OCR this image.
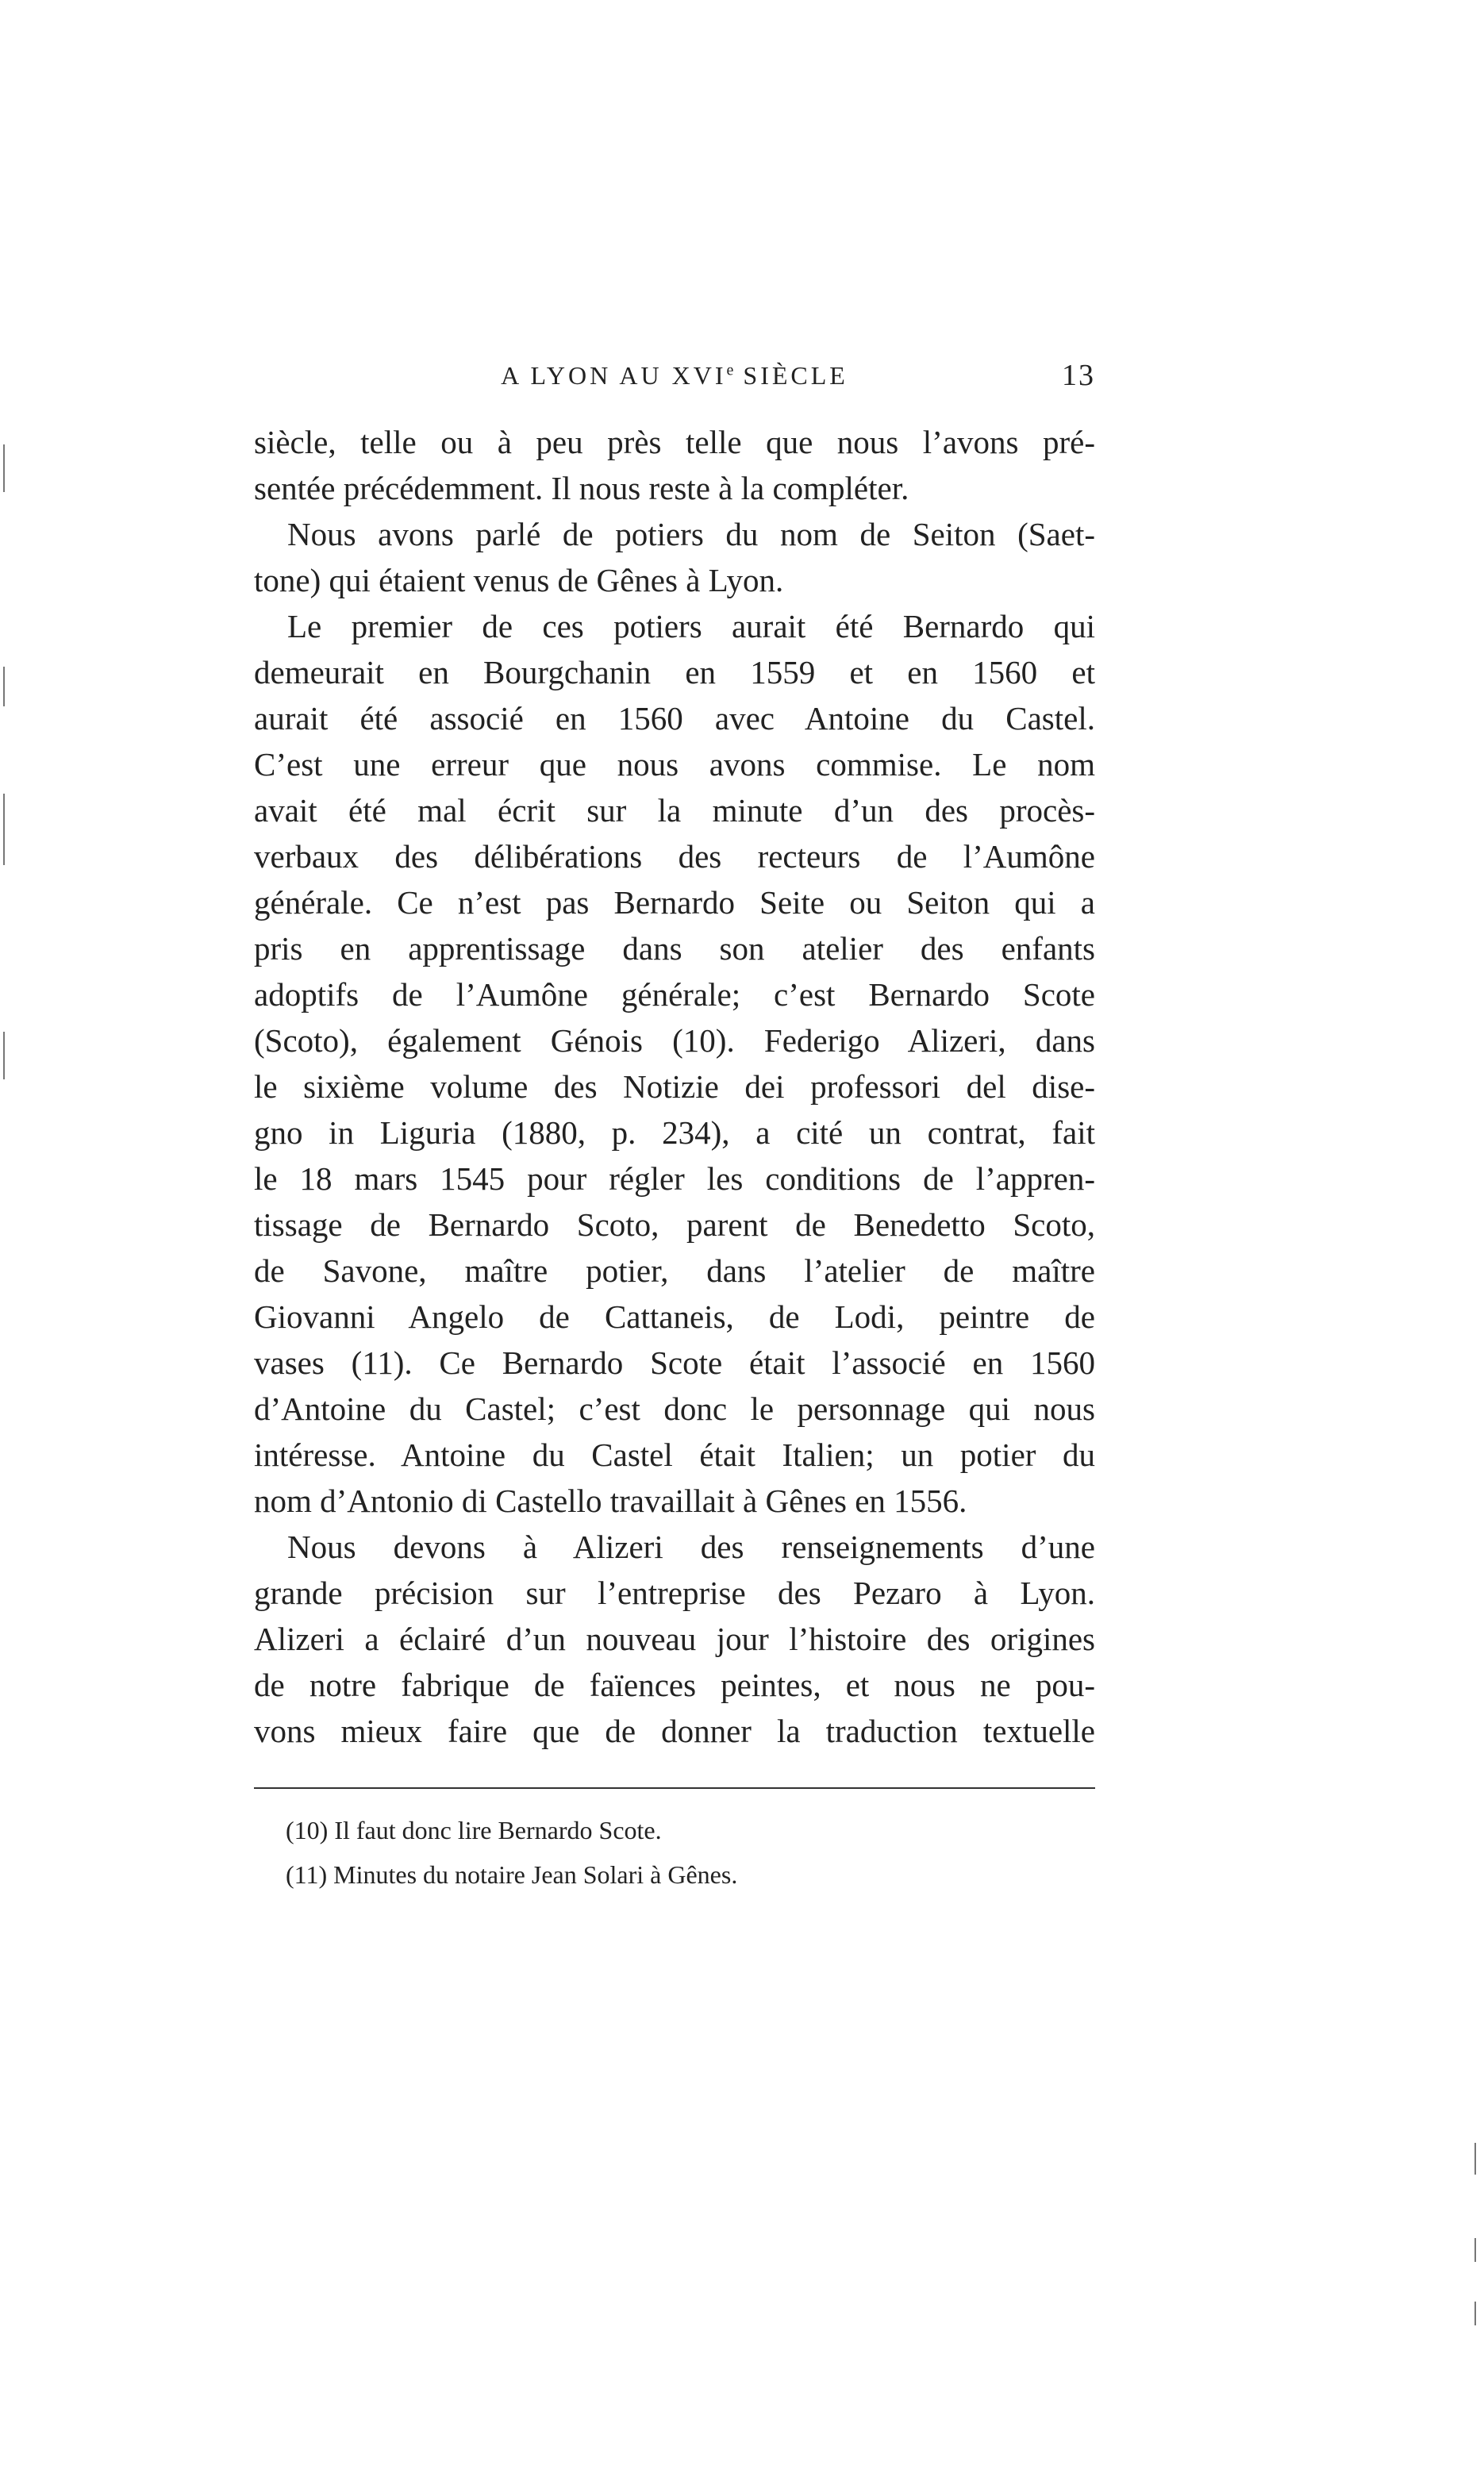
A LYON AU XVIe SIÈCLE	13
siècle, telle ou à peu près telle que nous l’avons pré-
sentée précédemment. Il nous reste à la compléter.
Nous avons parlé de potiers du nom de Seiton (Saet-
tone) qui étaient venus de Gênes à Lyon.
Le premier de ces potiers aurait été Bernardo qui
demeurait en Bourgchanin en 1559 et en 1560 et
aurait été associé en 1560 avec Antoine du Castel.
C’est une erreur que nous avons commise. Le nom
avait été mal écrit sur la minute d’un des procès-
verbaux des délibérations des recteurs de l’Aumône
générale. Ce n’est pas Bernardo Seite ou Seiton qui a
pris en apprentissage dans son atelier des enfants
adoptifs de l’Aumône générale; c’est Bernardo Scote
(Scoto), également Génois (10). Federigo Alizeri, dans
le sixième volume des Notizie dei professori del dise-
gno in Liguria (1880, p. 234), a cité un contrat, fait
le 18 mars 1545 pour régler les conditions de l’appren-
tissage de Bernardo Scoto, parent de Benedetto Scoto,
de Savone, maître potier, dans l’atelier de maître
Giovanni Angelo de Cattaneis, de Lodi, peintre de
vases (11). Ce Bernardo Scote était l’associé en 1560
d’Antoine du Castel; c’est donc le personnage qui nous
intéresse. Antoine du Castel était Italien; un potier du
nom d’Antonio di Castello travaillait à Gênes en 1556.
Nous devons à Alizeri des renseignements d’une
grande précision sur l’entreprise des Pezaro à Lyon.
Alizeri a éclairé d’un nouveau jour l’histoire des origines
de notre fabrique de faïences peintes, et nous ne pou-
vons mieux faire que de donner la traduction textuelle
(10) Il faut donc lire Bernardo Scote.
(11) Minutes du notaire Jean Solari à Gênes.
